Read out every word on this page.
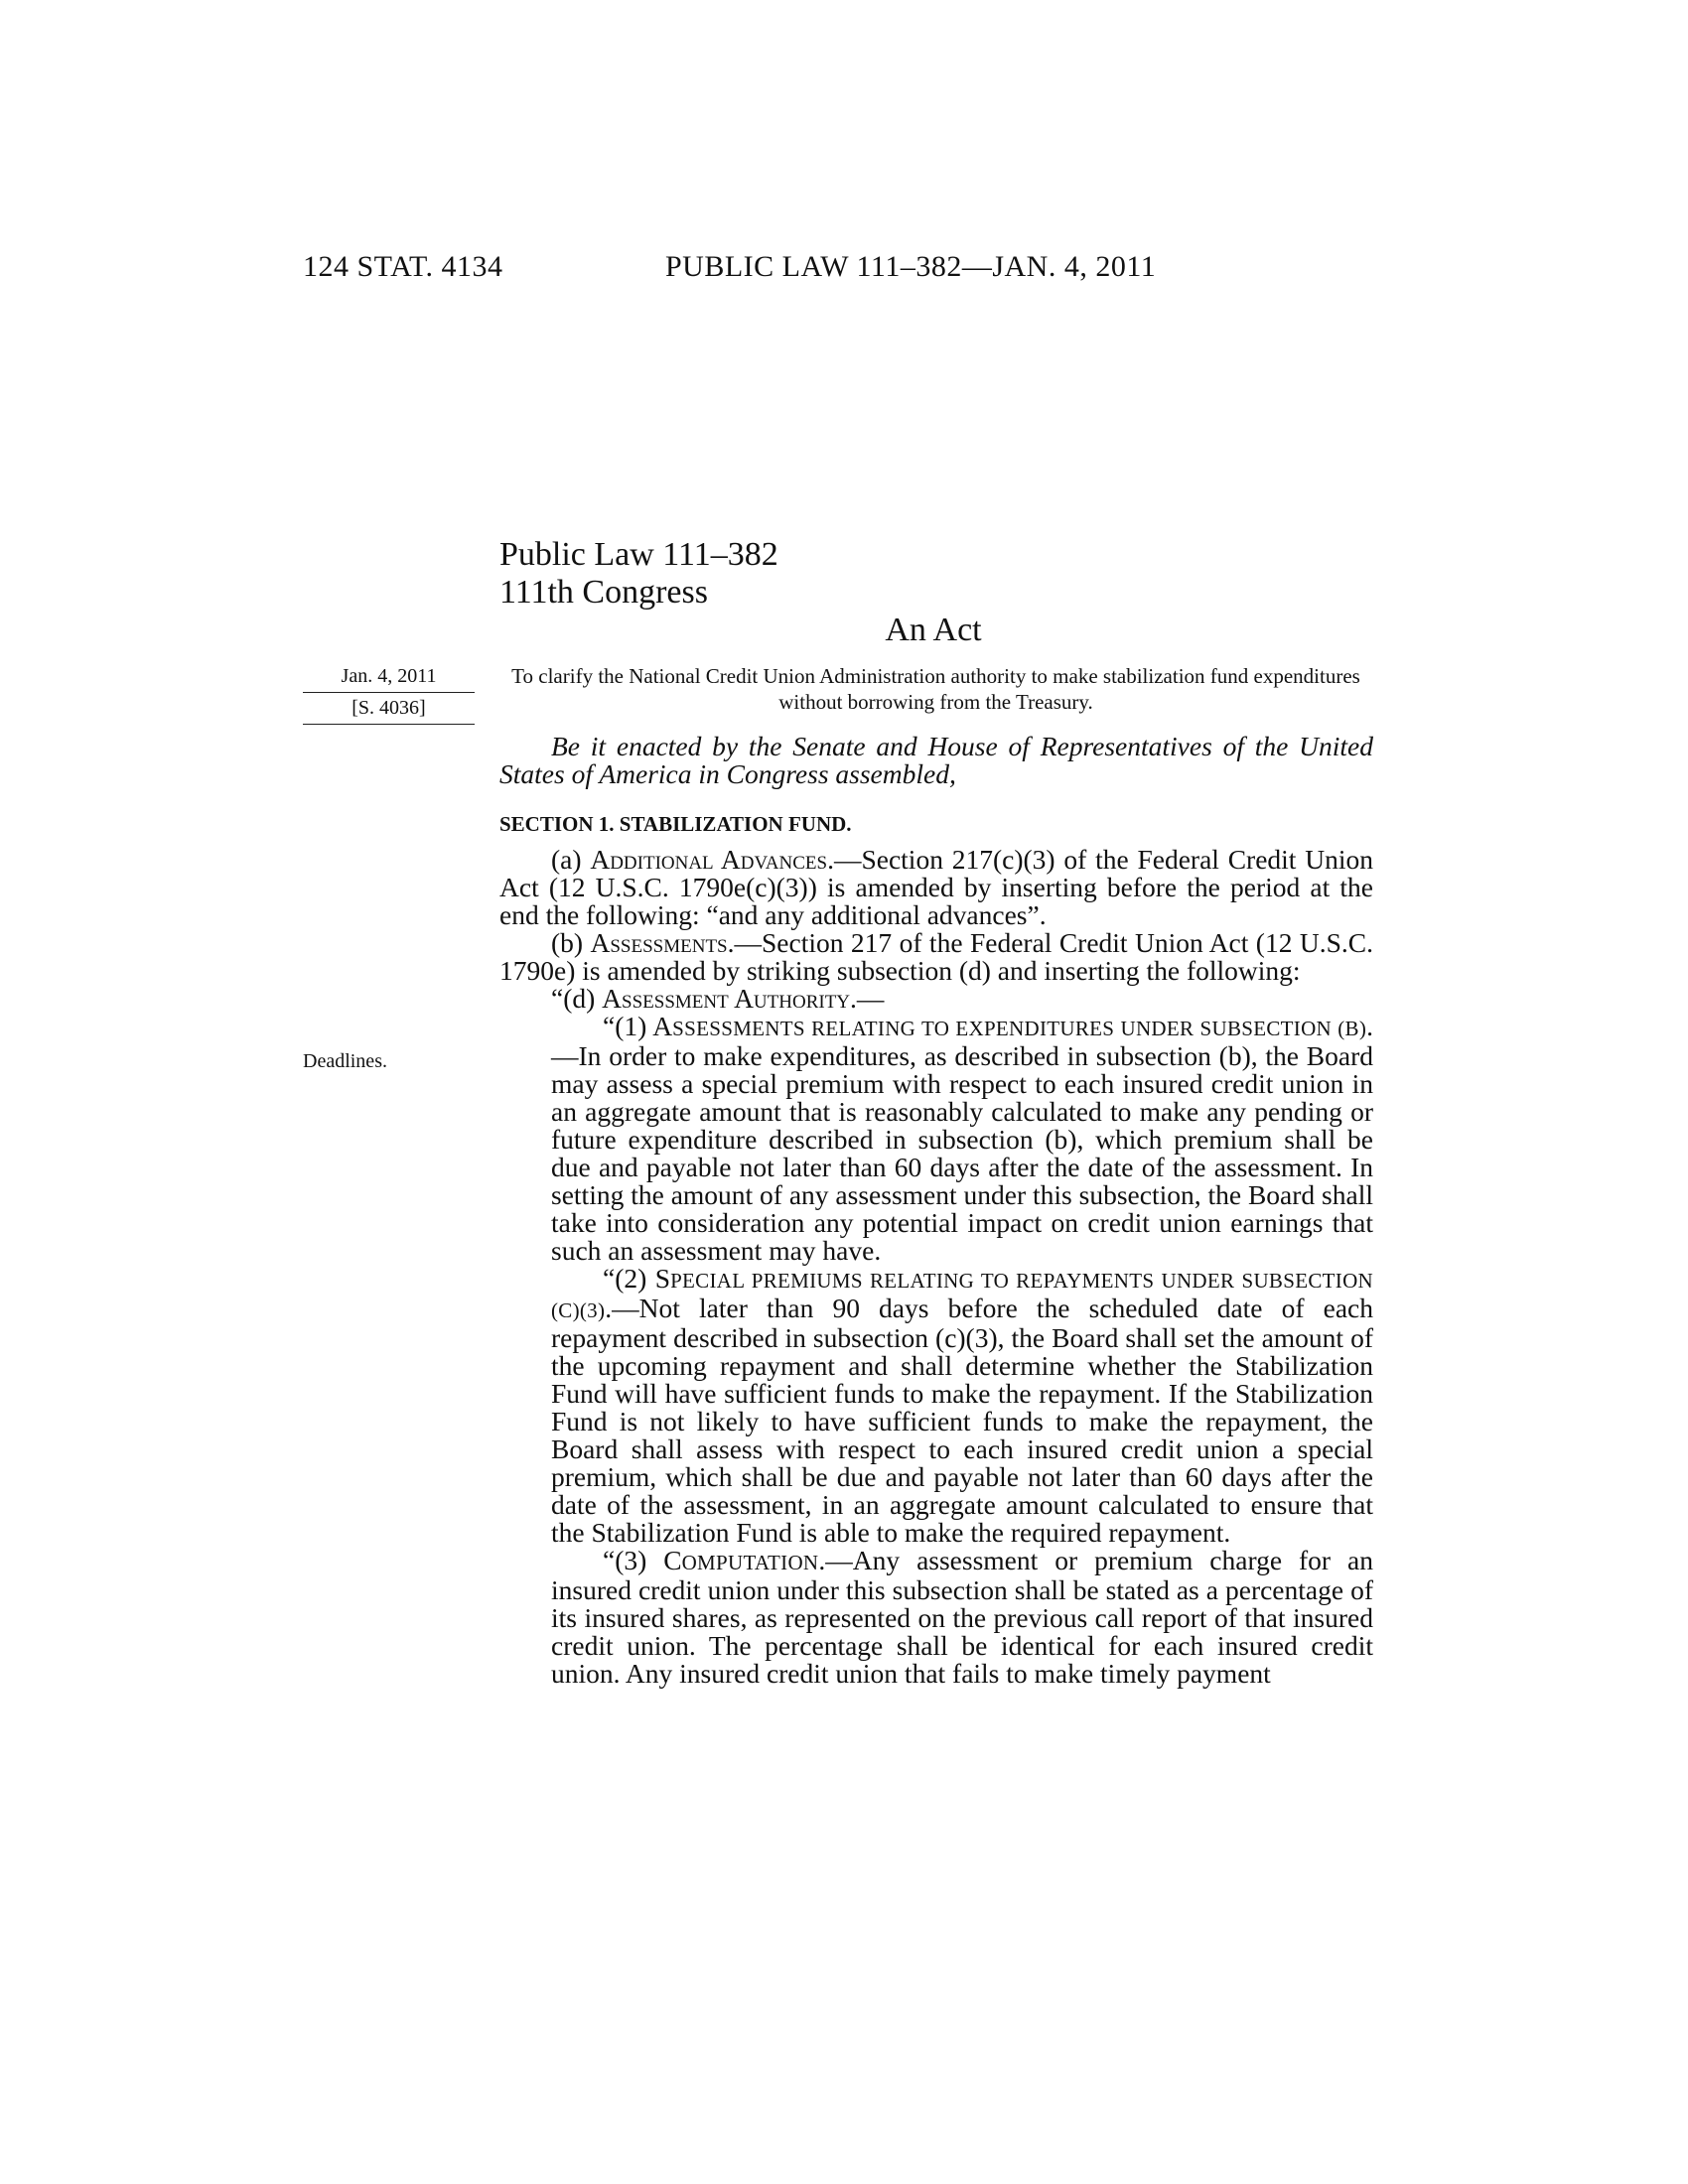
124 STAT. 4134	PUBLIC LAW 111–382—JAN. 4, 2011
Public Law 111–382
111th Congress
An Act
Jan. 4, 2011
[S. 4036]
Deadlines.
To clarify the National Credit Union Administration authority to make stabilization fund expenditures without borrowing from the Treasury.
Be it enacted by the Senate and House of Representatives of the United States of America in Congress assembled,
SECTION 1. STABILIZATION FUND.

(a) Additional Advances.—Section 217(c)(3) of the Federal Credit Union Act (12 U.S.C. 1790e(c)(3)) is amended by inserting before the period at the end the following: “and any additional advances”.

(b) Assessments.—Section 217 of the Federal Credit Union Act (12 U.S.C. 1790e) is amended by striking subsection (d) and inserting the following:

“(d) Assessment Authority.—

“(1) ASSESSMENTS RELATING TO EXPENDITURES UNDER SUBSECTION (B).—In order to make expenditures, as described in subsection (b), the Board may assess a special premium with respect to each insured credit union in an aggregate amount that is reasonably calculated to make any pending or future expenditure described in subsection (b), which premium shall be due and payable not later than 60 days after the date of the assessment. In setting the amount of any assessment under this subsection, the Board shall take into consideration any potential impact on credit union earnings that such an assessment may have.

“(2) SPECIAL PREMIUMS RELATING TO REPAYMENTS UNDER SUBSECTION (C)(3).—Not later than 90 days before the scheduled date of each repayment described in subsection (c)(3), the Board shall set the amount of the upcoming repayment and shall determine whether the Stabilization Fund will have sufficient funds to make the repayment. If the Stabilization Fund is not likely to have sufficient funds to make the repayment, the Board shall assess with respect to each insured credit union a special premium, which shall be due and payable not later than 60 days after the date of the assessment, in an aggregate amount calculated to ensure that the Stabilization Fund is able to make the required repayment.

“(3) COMPUTATION.—Any assessment or premium charge for an insured credit union under this subsection shall be stated as a percentage of its insured shares, as represented on the previous call report of that insured credit union. The percentage shall be identical for each insured credit union. Any insured credit union that fails to make timely payment
